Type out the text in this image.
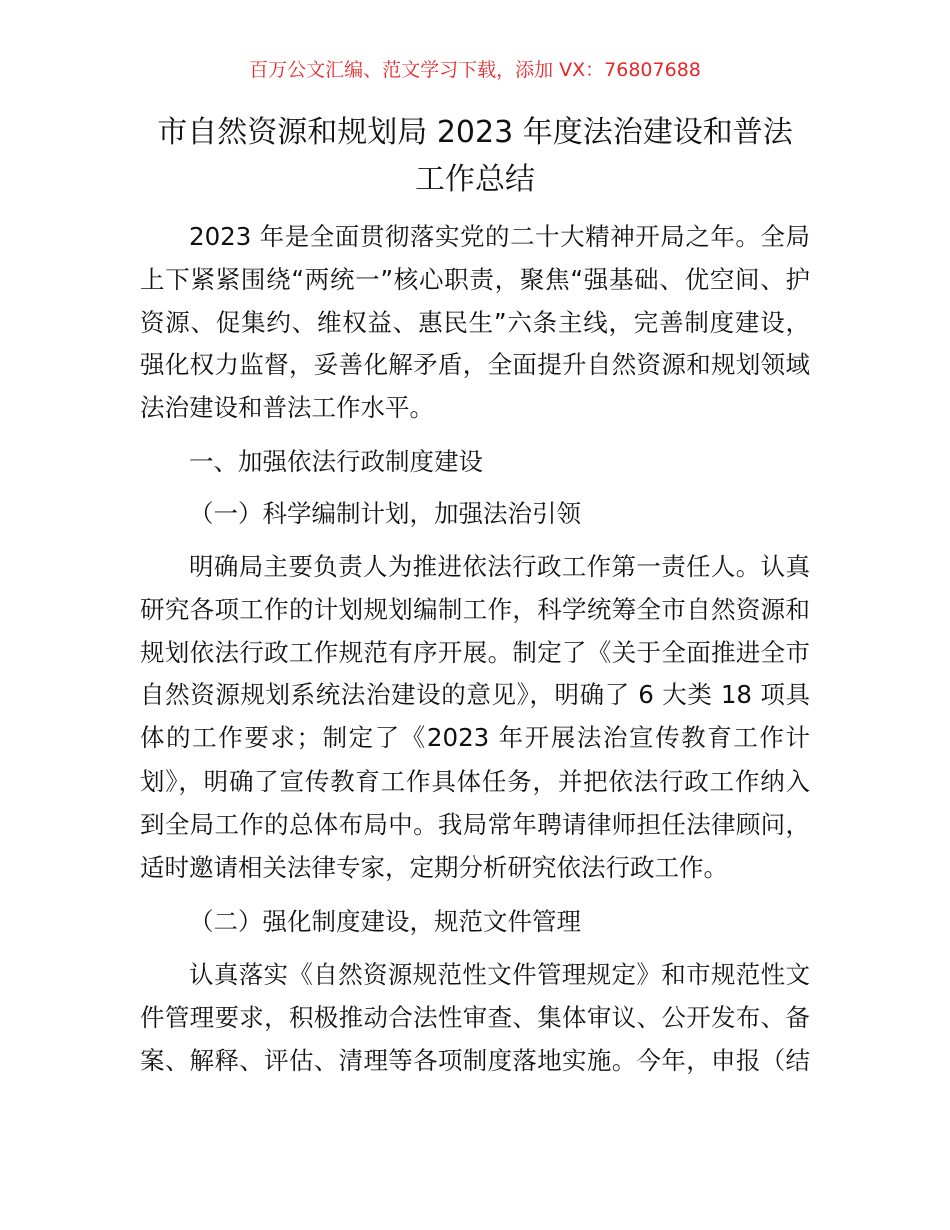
百万公文汇编、范文学习下载，添加 VX：76807688
市自然资源和规划局 2023 年度法治建设和普法
工作总结
2023 年是全面贯彻落实党的二十大精神开局之年。全局
上下紧紧围绕“两统一”核心职责，聚焦“强基础、优空间、护
资源、促集约、维权益、惠民生”六条主线，完善制度建设，
强化权力监督，妥善化解矛盾，全面提升自然资源和规划领域
法治建设和普法工作水平。
一、加强依法行政制度建设
（一）科学编制计划，加强法治引领
明确局主要负责人为推进依法行政工作第一责任人。认真
研究各项工作的计划规划编制工作，科学统筹全市自然资源和
规划依法行政工作规范有序开展。制定了《关于全面推进全市
自然资源规划系统法治建设的意见》，明确了 6 大类 18 项具
体的工作要求；制定了《2023 年开展法治宣传教育工作计
划》，明确了宣传教育工作具体任务，并把依法行政工作纳入
到全局工作的总体布局中。我局常年聘请律师担任法律顾问，
适时邀请相关法律专家，定期分析研究依法行政工作。
（二）强化制度建设，规范文件管理
认真落实《自然资源规范性文件管理规定》和市规范性文
件管理要求，积极推动合法性审查、集体审议、公开发布、备
案、解释、评估、清理等各项制度落地实施。今年，申报（结
